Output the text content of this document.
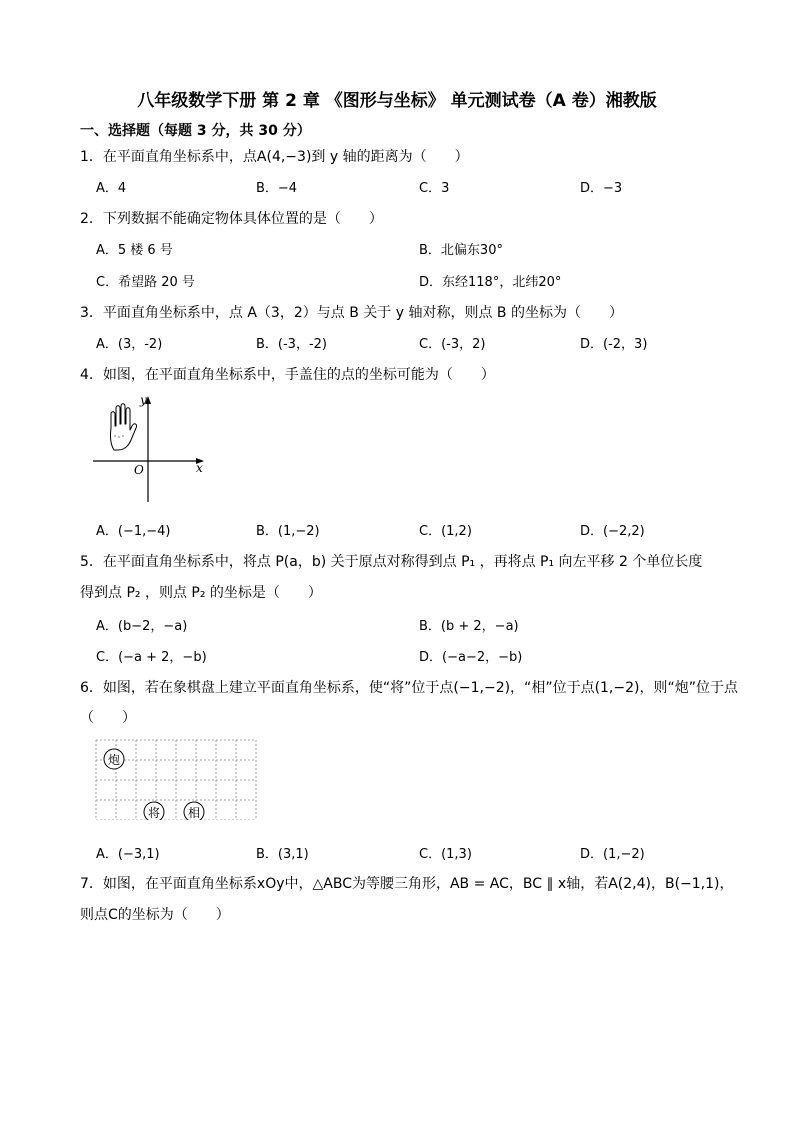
八年级数学下册 第 2 章 《图形与坐标》 单元测试卷（A 卷）湘教版
一、选择题（每题 3 分，共 30 分）
1．在平面直角坐标系中，点A(4,−3)到 y 轴的距离为（　　）
A．4	B．−4	C．3	D．−3
2．下列数据不能确定物体具体位置的是（　　）
A．5 楼 6 号	B．北偏东30°
C．希望路 20 号	D．东经118°，北纬20°
3．平面直角坐标系中，点 A（3，2）与点 B 关于 y 轴对称，则点 B 的坐标为（　　）
A．(3，-2)	B．(-3，-2)	C．(-3，2)	D．(-2，3)
4．如图，在平面直角坐标系中，手盖住的点的坐标可能为（　　）
y
x
O
A．(−1,−4)	B．(1,−2)	C．(1,2)	D．(−2,2)
5．在平面直角坐标系中，将点 P(a，b) 关于原点对称得到点 P₁ ，再将点 P₁ 向左平移 2 个单位长度
得到点 P₂ ，则点 P₂ 的坐标是（　　）
A．(b−2，−a)	B．(b + 2，−a)
C．(−a + 2，−b)	D．(−a−2，−b)
6．如图，若在象棋盘上建立平面直角坐标系，使“将”位于点(−1,−2)，“相”位于点(1,−2)，则“炮”位于点
（　　）
炮
将 相
A．(−3,1)	B．(3,1)	C．(1,3)	D．(1,−2)
7．如图，在平面直角坐标系xOy中，△ABC为等腰三角形，AB = AC，BC ∥ x轴，若A(2,4)，B(−1,1)，
则点C的坐标为（　　）
